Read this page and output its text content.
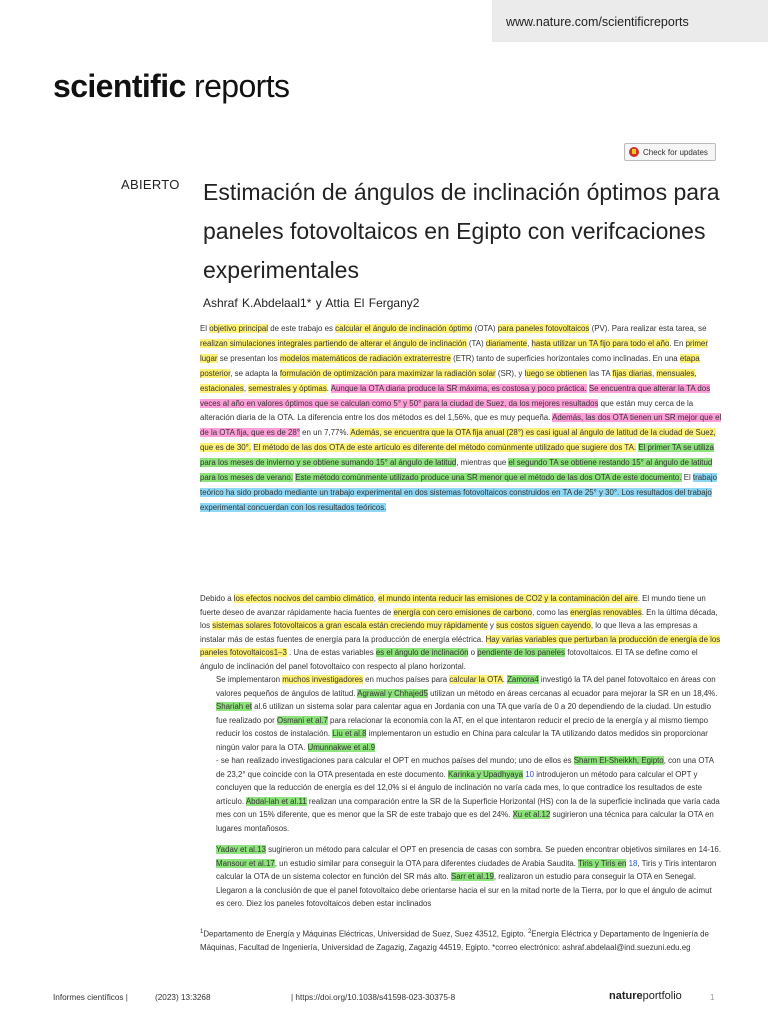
www.nature.com/scientificreports
scientific reports
Check for updates
ABIERTO Estimación de ángulos de inclinación óptimos para paneles fotovoltaicos en Egipto con verifcaciones experimentales
Ashraf K.Abdelaal1* y Attia El Fergany2
El objetivo principal de este trabajo es calcular el ángulo de inclinación óptimo (OTA) para paneles fotovoltaicos (PV). Para realizar esta tarea, se realizan simulaciones integrales partiendo de alterar el ángulo de inclinación (TA) diariamente, hasta utilizar un TA fijo para todo el año. En primer lugar se presentan los modelos matemáticos de radiación extraterrestre (ETR) tanto de superficies horizontales como inclinadas. En una etapa posterior, se adapta la formulación de optimización para maximizar la radiación solar (SR), y luego se obtienen las TA fijas diarias, mensuales, estacionales, semestrales y óptimas. Aunque la OTA diaria produce la SR máxima, es costosa y poco práctica. Se encuentra que alterar la TA dos veces al año en valores óptimos que se calculan como 5° y 50° para la ciudad de Suez, da los mejores resultados que están muy cerca de la alteración diaria de la OTA. La diferencia entre los dos métodos es del 1,56%, que es muy pequeña. Además, las dos OTA tienen un SR mejor que el de la OTA fija, que es de 28° en un 7,77%. Además, se encuentra que la OTA fija anual (28°) es casi igual al ángulo de latitud de la ciudad de Suez, que es de 30°. El método de las dos OTA de este artículo es diferente del método comúnmente utilizado que sugiere dos TA. El primer TA se utiliza para los meses de invierno y se obtiene sumando 15° al ángulo de latitud, mientras que el segundo TA se obtiene restando 15° al ángulo de latitud para los meses de verano. Este método comúnmente utilizado produce una SR menor que el método de las dos OTA de este documento. El trabajo teórico ha sido probado mediante un trabajo experimental en dos sistemas fotovoltaicos construidos en TA de 25° y 30°. Los resultados del trabajo experimental concuerdan con los resultados teóricos.

Debido a los efectos nocivos del cambio climático, el mundo intenta reducir las emisiones de CO2 y la contaminación del aire. El mundo tiene un fuerte deseo de avanzar rápidamente hacia fuentes de energía con cero emisiones de carbono, como las energías renovables. En la última década, los sistemas solares fotovoltaicos a gran escala están creciendo muy rápidamente y sus costos siguen cayendo, lo que lleva a las empresas a instalar más de estas fuentes de energía para la producción de energía eléctrica. Hay varias variables que perturban la producción de energía de los paneles fotovoltaicos1–3 . Una de estas variables es el ángulo de inclinación o pendiente de los paneles fotovoltaicos. El TA se define como el ángulo de inclinación del panel fotovoltaico con respecto al plano horizontal.

Se implementaron muchos investigadores en muchos países para calcular la OTA. Zamora4 investigó la TA del panel fotovoltaico en áreas con valores pequeños de ángulos de latitud. Agrawal y Chhajed5 utilizan un método en áreas cercanas al ecuador para mejorar la SR en un 18,4%. Shariah et al.6 utilizan un sistema solar para calentar agua en Jordania con una TA que varía de 0 a 20 dependiendo de la ciudad. Un estudio fue realizado por Osmani et al.7 para relacionar la economía con la AT, en el que intentaron reducir el precio de la energía y al mismo tiempo reducir los costos de instalación. Liu et al.8 implementaron un estudio en China para calcular la TA utilizando datos medidos sin proporcionar ningún valor para la OTA. Umunnakwe et al.9

- se han realizado investigaciones para calcular el OPT en muchos países del mundo; uno de ellos es Sharm El-Sheikkh, Egipto, con una OTA de 23,2° que coincide con la OTA presentada en este documento. Karinka y Upadhyaya 10 introdujeron un método para calcular el OPT y concluyen que la reducción de energía es del 12,0% si el ángulo de inclinación no varía cada mes, lo que contradice los resultados de este artículo. Abdal-lah et al.11 realizan una comparación entre la SR de la Superficie Horizontal (HS) con la de la superficie inclinada que varía cada mes con un 15% diferente, que es menor que la SR de este trabajo que es del 24%. Xu et al.12 sugirieron una técnica para calcular la OTA en lugares montañosos.

Yadav et al.13 sugirieron un método para calcular el OPT en presencia de casas con sombra. Se pueden encontrar objetivos similares en 14-16. Mansour et al.17, un estudio similar para conseguir la OTA para diferentes ciudades de Arabia Saudita. Tiris y Tiris en 18, Tiris y Tiris intentaron calcular la OTA de un sistema colector en función del SR más alto. Sarr et al.19, realizaron un estudio para conseguir la OTA en Senegal. Llegaron a la conclusión de que el panel fotovoltaico debe orientarse hacia el sur en la mitad norte de la Tierra, por lo que el ángulo de acimut es cero. Diez los paneles fotovoltaicos deben estar inclinados

$^1$Departamento de Energía y Máquinas Eléctricas, Universidad de Suez, Suez 43512, Egipto. $^2$Energía Eléctrica y Departamento de Ingeniería de Máquinas, Facultad de Ingeniería, Universidad de Zagazig, Zagazig 44519, Egipto. *correo electrónico: ashraf.abdelaal@ind.suezuni.edu.eg
Informes científicos |	(2023) 13:3268	| https://doi.org/10.1038/s41598-023-30375-8	natureportfolio	1
